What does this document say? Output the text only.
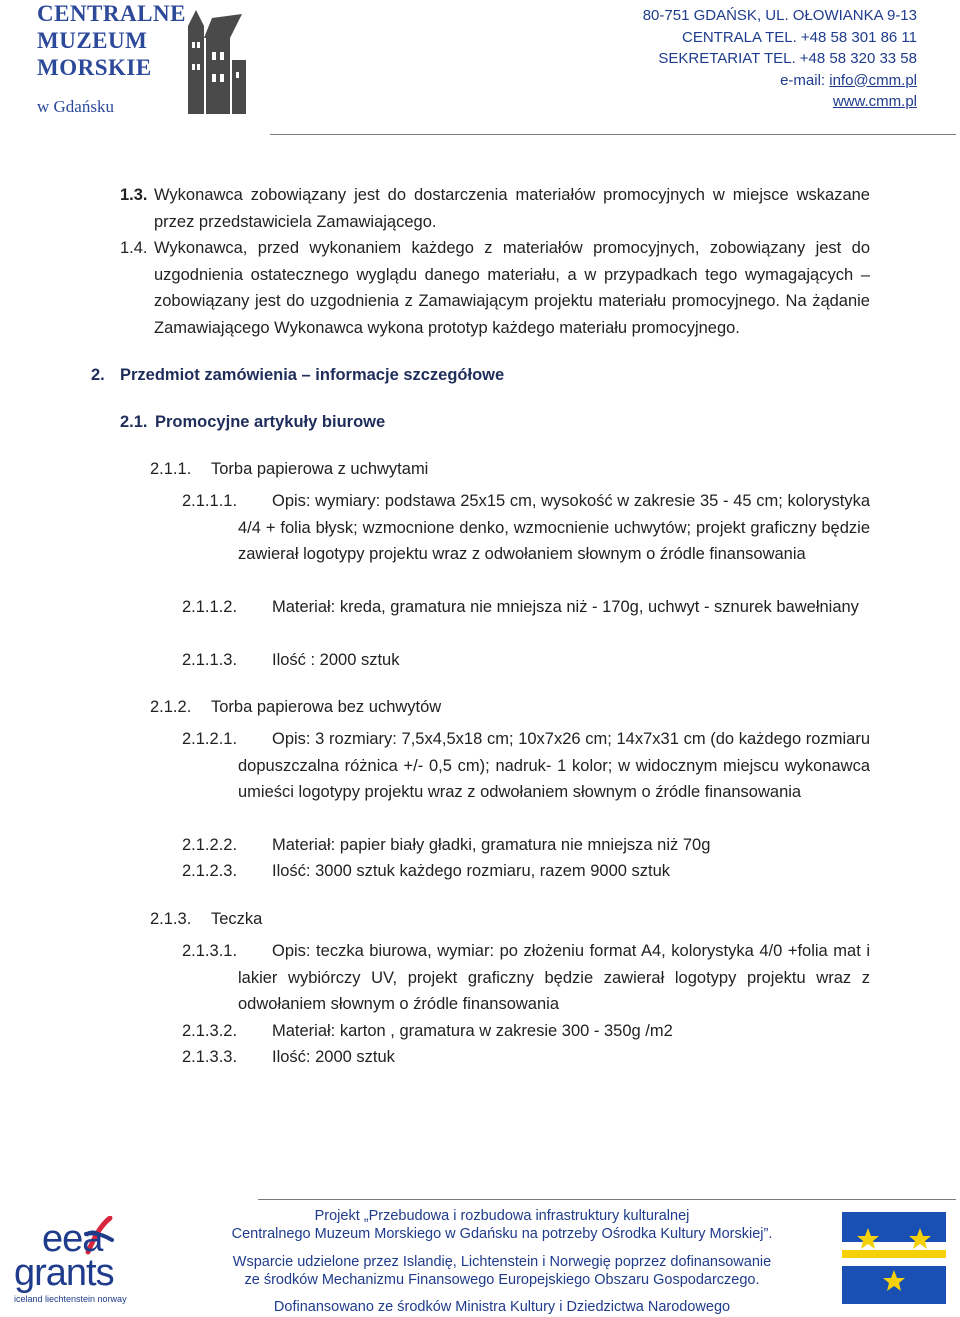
CENTRALNE
MUZEUM
MORSKIE
w Gdańsku
80-751 GDAŃSK, UL. OŁOWIANKA 9-13
CENTRALA TEL. +48 58 301 86 11
SEKRETARIAT TEL. +48 58 320 33 58
e-mail: info@cmm.pl
www.cmm.pl
1.3. Wykonawca zobowiązany jest do dostarczenia materiałów promocyjnych w miejsce wskazane przez przedstawiciela Zamawiającego.
1.4. Wykonawca, przed wykonaniem każdego z materiałów promocyjnych, zobowiązany jest do uzgodnienia ostatecznego wyglądu danego materiału, a w przypadkach tego wymagających – zobowiązany jest do uzgodnienia z Zamawiającym projektu materiału promocyjnego. Na żądanie Zamawiającego Wykonawca wykona prototyp każdego materiału promocyjnego.
2. Przedmiot zamówienia – informacje szczegółowe
2.1. Promocyjne artykuły biurowe
2.1.1. Torba papierowa z uchwytami
2.1.1.1.	Opis: wymiary: podstawa 25x15 cm, wysokość w zakresie 35 - 45 cm; kolorystyka 4/4 + folia błysk; wzmocnione denko, wzmocnienie uchwytów; projekt graficzny będzie zawierał logotypy projektu wraz z odwołaniem słownym o źródle finansowania
2.1.1.2.	Materiał: kreda, gramatura nie mniejsza niż - 170g, uchwyt - sznurek bawełniany
2.1.1.3. Ilość : 2000 sztuk
2.1.2. Torba papierowa bez uchwytów
2.1.2.1.	Opis: 3 rozmiary: 7,5x4,5x18 cm; 10x7x26 cm; 14x7x31 cm (do każdego rozmiaru dopuszczalna różnica +/- 0,5 cm); nadruk- 1 kolor; w widocznym miejscu wykonawca umieści logotypy projektu wraz z odwołaniem słownym o źródle finansowania
2.1.2.2. Materiał: papier biały gładki, gramatura nie mniejsza niż 70g
2.1.2.3. Ilość: 3000 sztuk każdego rozmiaru, razem 9000 sztuk
2.1.3. Teczka
2.1.3.1.	Opis: teczka biurowa, wymiar: po złożeniu format A4, kolorystyka 4/0 +folia mat i lakier wybiórczy UV, projekt graficzny będzie zawierał logotypy projektu wraz z odwołaniem słownym o źródle finansowania
2.1.3.2. Materiał: karton , gramatura w zakresie 300 - 350g /m2
2.1.3.3. Ilość: 2000 sztuk
eea
grants
iceland liechtenstein norway
Projekt „Przebudowa i rozbudowa infrastruktury kulturalnej
Centralnego Muzeum Morskiego w Gdańsku na potrzeby Ośrodka Kultury Morskiej”.
Wsparcie udzielone przez Islandię, Lichtenstein i Norwegię poprzez dofinansowanie
ze środków Mechanizmu Finansowego Europejskiego Obszaru Gospodarczego.
Dofinansowano ze środków Ministra Kultury i Dziedzictwa Narodowego
